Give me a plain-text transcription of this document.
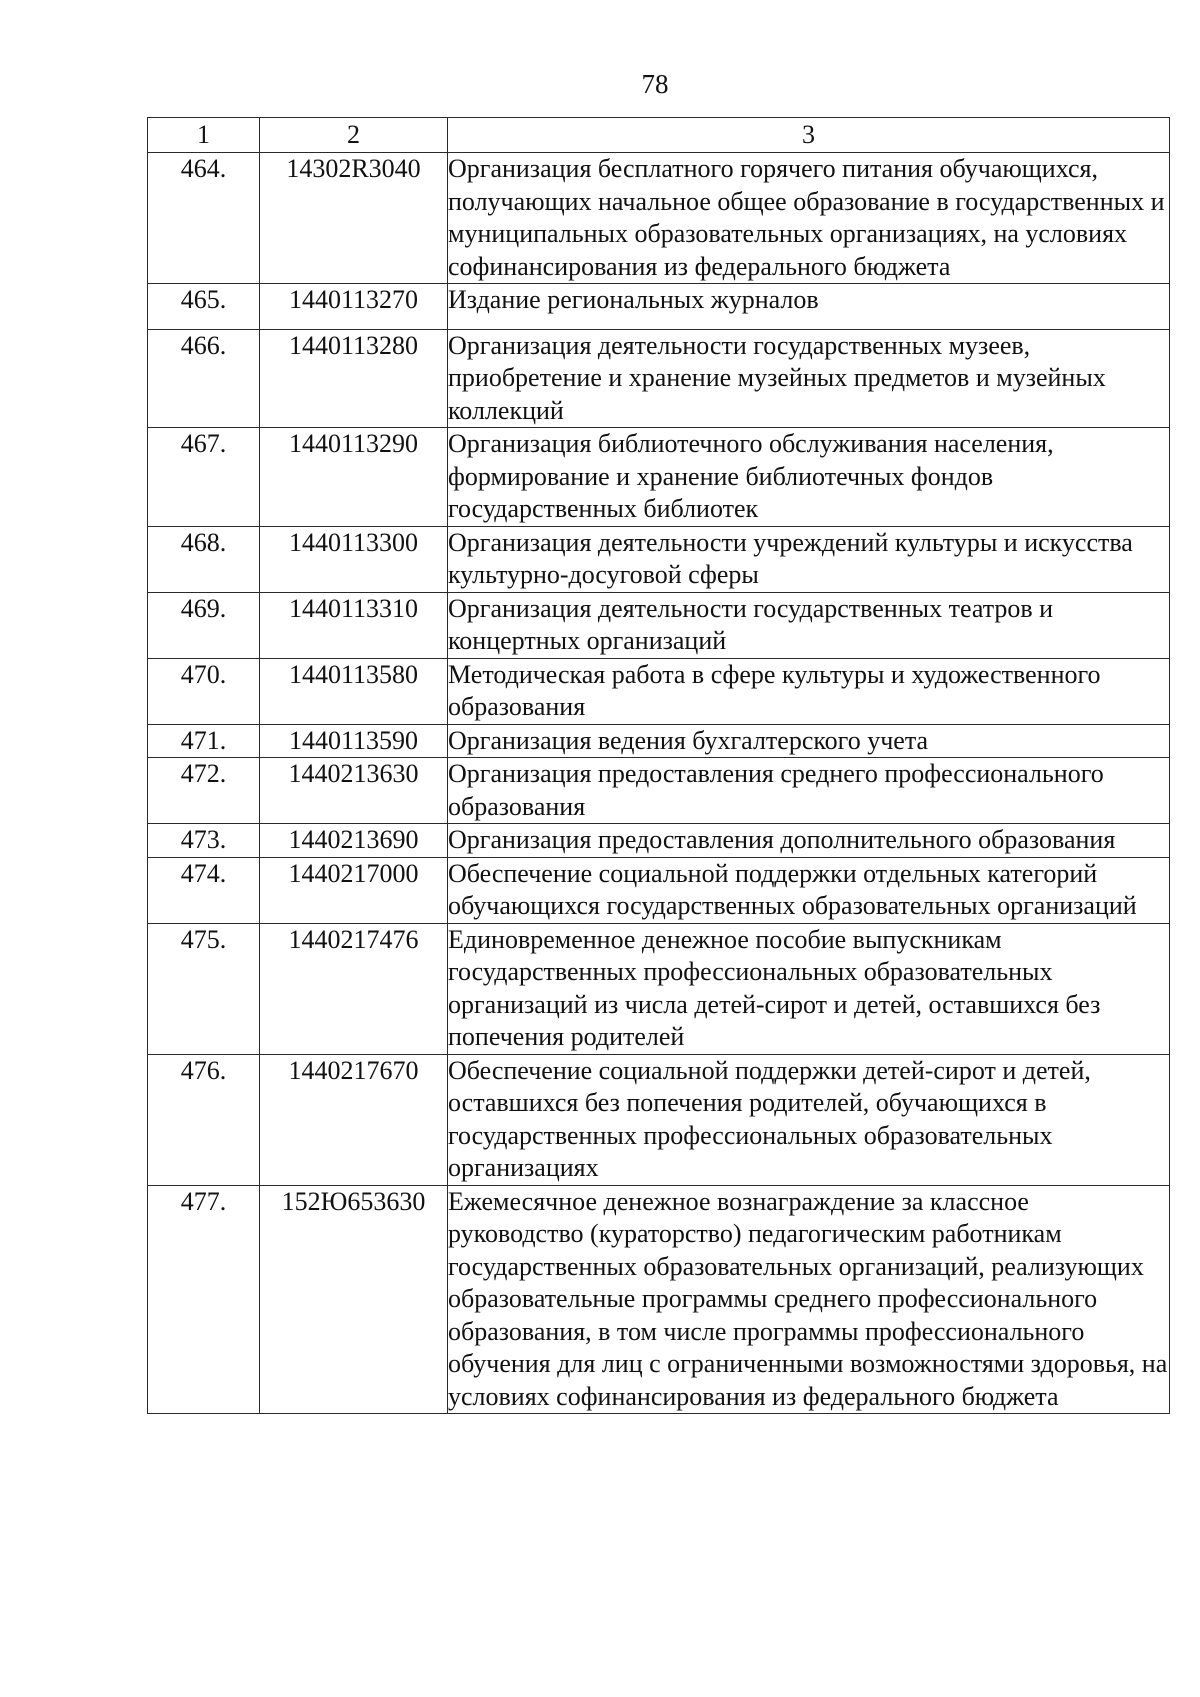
78
1	2	3
464.	14302R3040	Организация бесплатного горячего питания обучающихся, получающих начальное общее образование в государственных и муниципальных образовательных организациях, на условиях софинансирования из федерального бюджета
465.	1440113270	Издание региональных журналов
466.	1440113280	Организация деятельности государственных музеев, приобретение и хранение музейных предметов и музейных коллекций
467.	1440113290	Организация библиотечного обслуживания населения, формирование и хранение библиотечных фондов государственных библиотек
468.	1440113300	Организация деятельности учреждений культуры и искусства культурно-досуговой сферы
469.	1440113310	Организация деятельности государственных театров и концертных организаций
470.	1440113580	Методическая работа в сфере культуры и художественного образования
471.	1440113590	Организация ведения бухгалтерского учета
472.	1440213630	Организация предоставления среднего профессионального образования
473.	1440213690	Организация предоставления дополнительного образования
474.	1440217000	Обеспечение социальной поддержки отдельных категорий обучающихся государственных образовательных организаций
475.	1440217476	Единовременное денежное пособие выпускникам государственных профессиональных образовательных организаций из числа детей-сирот и детей, оставшихся без попечения родителей
476.	1440217670	Обеспечение социальной поддержки детей-сирот и детей, оставшихся без попечения родителей, обучающихся в государственных профессиональных образовательных организациях
477.	152Ю653630	Ежемесячное денежное вознаграждение за классное руководство (кураторство) педагогическим работникам государственных образовательных организаций, реализующих образовательные программы среднего профессионального образования, в том числе программы профессионального обучения для лиц с ограниченными возможностями здоровья, на условиях софинансирования из федерального бюджета
